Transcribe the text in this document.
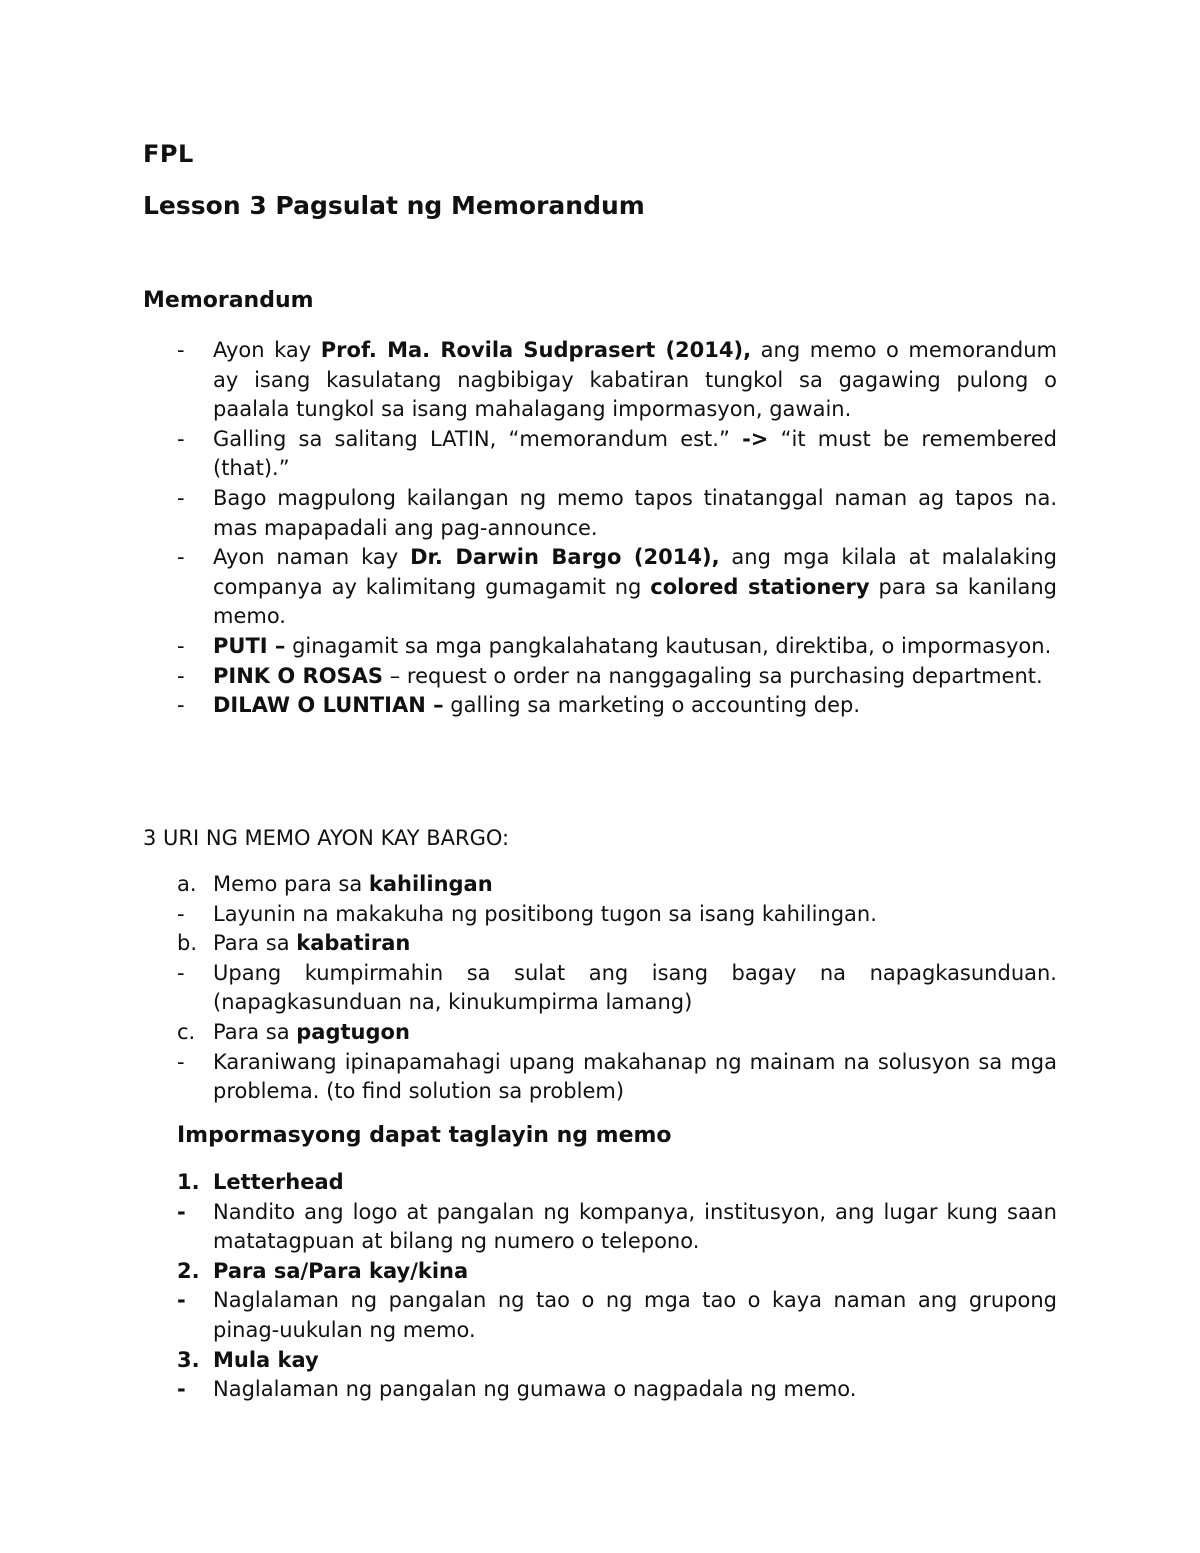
FPL
Lesson 3 Pagsulat ng Memorandum
Memorandum
-	Ayon kay Prof. Ma. Rovila Sudprasert (2014), ang memo o memorandum ay isang kasulatang nagbibigay kabatiran tungkol sa gagawing pulong o paalala tungkol sa isang mahalagang impormasyon, gawain.
-	Galling sa salitang LATIN, “memorandum est.” -> “it must be remembered (that).”
-	Bago magpulong kailangan ng memo tapos tinatanggal naman ag tapos na. mas mapapadali ang pag-announce.
-	Ayon naman kay Dr. Darwin Bargo (2014), ang mga kilala at malalaking companya ay kalimitang gumagamit ng colored stationery para sa kanilang memo.
-	PUTI – ginagamit sa mga pangkalahatang kautusan, direktiba, o impormasyon.
-	PINK O ROSAS – request o order na nanggagaling sa purchasing department.
-	DILAW O LUNTIAN – galling sa marketing o accounting dep.
3 URI NG MEMO AYON KAY BARGO:
a. Memo para sa kahilingan
-	Layunin na makakuha ng positibong tugon sa isang kahilingan.
b. Para sa kabatiran
-	Upang kumpirmahin sa sulat ang isang bagay na napagkasunduan. (napagkasunduan na, kinukumpirma lamang)
c. Para sa pagtugon
-	Karaniwang ipinapamahagi upang makahanap ng mainam na solusyon sa mga problema. (to find solution sa problem)
Impormasyong dapat taglayin ng memo
1. Letterhead
-	Nandito ang logo at pangalan ng kompanya, institusyon, ang lugar kung saan matatagpuan at bilang ng numero o telepono.
2. Para sa/Para kay/kina
-	Naglalaman ng pangalan ng tao o ng mga tao o kaya naman ang grupong pinag-uukulan ng memo.
3. Mula kay
-	Naglalaman ng pangalan ng gumawa o nagpadala ng memo.
